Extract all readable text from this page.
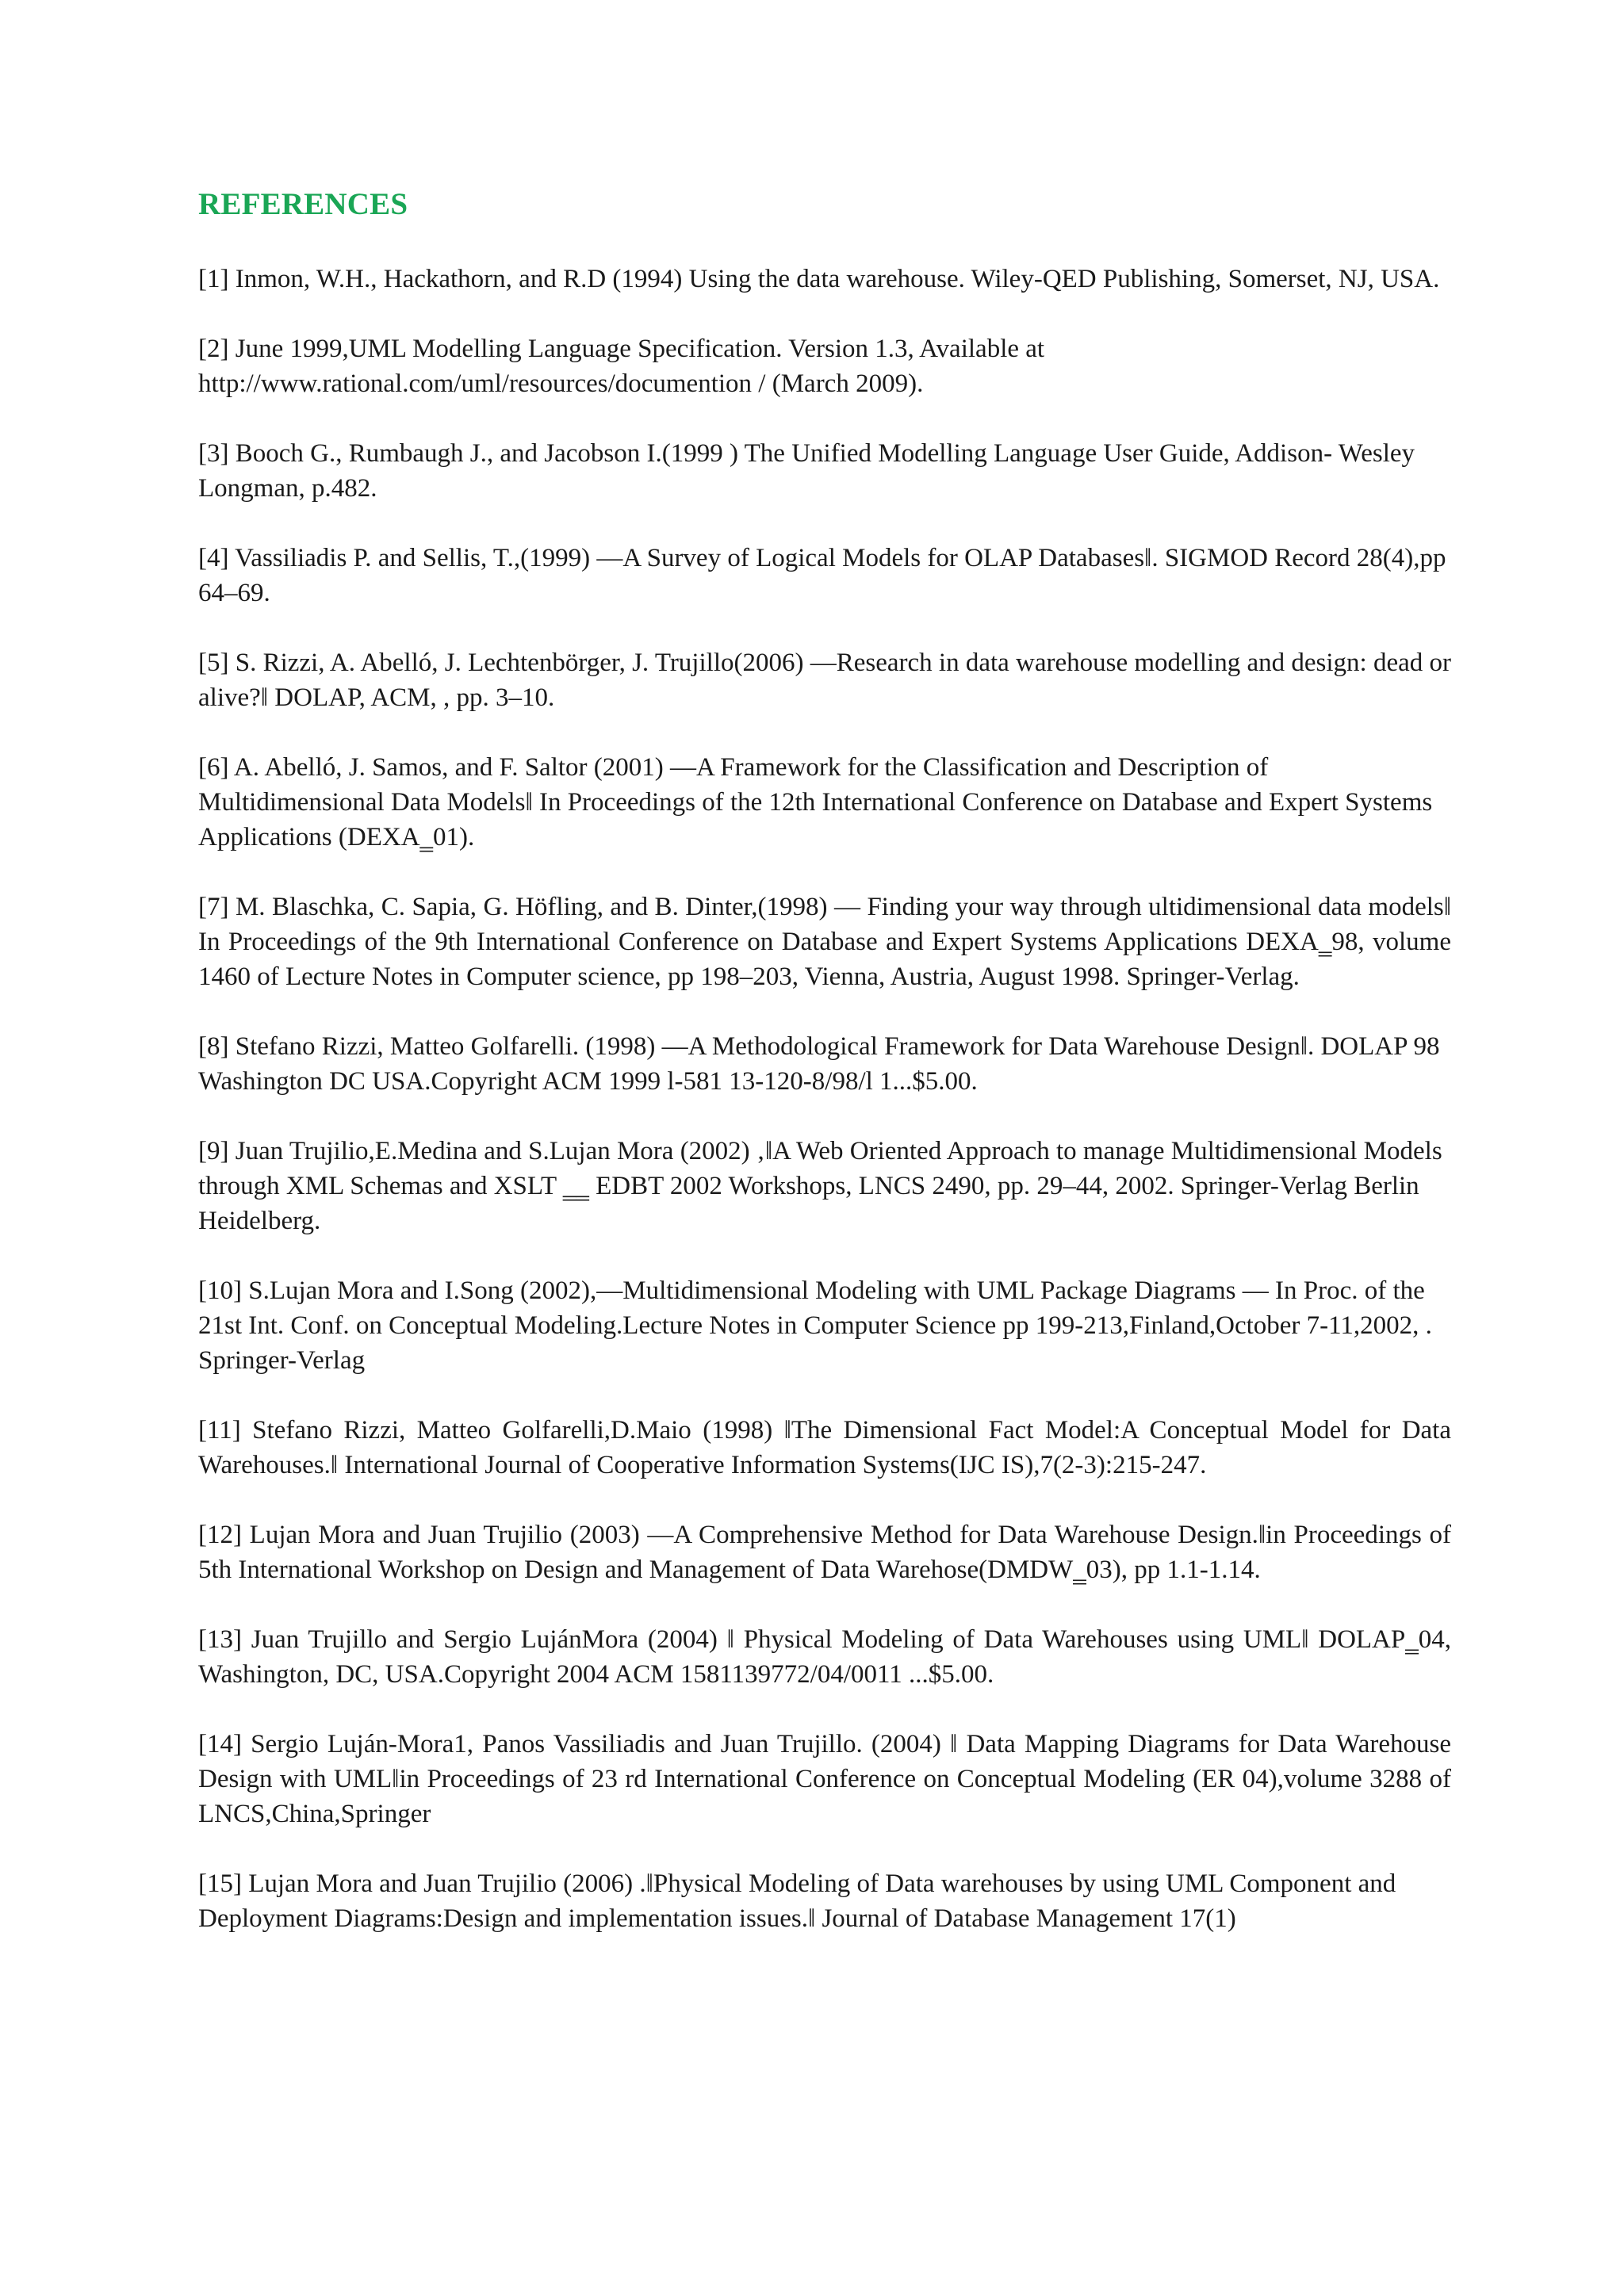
REFERENCES

[1] Inmon, W.H., Hackathorn, and R.D (1994) Using the data warehouse. Wiley-QED Publishing, Somerset, NJ, USA.

[2] June 1999,UML Modelling Language Specification. Version 1.3, Available at http://www.rational.com/uml/resources/documention / (March 2009).

[3] Booch G., Rumbaugh J., and Jacobson I.(1999 ) The Unified Modelling Language User Guide, Addison- Wesley Longman, p.482.

[4] Vassiliadis P. and Sellis, T.,(1999) ―A Survey of Logical Models for OLAP Databases‖. SIGMOD Record 28(4),pp 64–69.

[5] S. Rizzi, A. Abelló, J. Lechtenbörger, J. Trujillo(2006) ―Research in data warehouse modelling and design: dead or alive?‖ DOLAP, ACM, , pp. 3–10.

[6] A. Abelló, J. Samos, and F. Saltor (2001) ―A Framework for the Classification and Description of Multidimensional Data Models‖ In Proceedings of the 12th International Conference on Database and Expert Systems Applications (DEXA‗01).

[7] M. Blaschka, C. Sapia, G. Höfling, and B. Dinter,(1998) ― Finding your way through ultidimensional data models‖ In Proceedings of the 9th International Conference on Database and Expert Systems Applications DEXA‗98, volume 1460 of Lecture Notes in Computer science, pp 198–203, Vienna, Austria, August 1998. Springer-Verlag.

[8] Stefano Rizzi, Matteo Golfarelli. (1998) ―A Methodological Framework for Data Warehouse Design‖. DOLAP 98 Washington DC USA.Copyright ACM 1999 l-581 13-120-8/98/l 1...$5.00.

[9] Juan Trujilio,E.Medina and S.Lujan Mora (2002) ‚‖A Web Oriented Approach to manage Multidimensional Models through XML Schemas and XSLT ‗‗ EDBT 2002 Workshops, LNCS 2490, pp. 29–44, 2002. Springer-Verlag Berlin Heidelberg.

[10] S.Lujan Mora and I.Song (2002),―Multidimensional Modeling with UML Package Diagrams ― In Proc. of the 21st Int. Conf. on Conceptual Modeling.Lecture Notes in Computer Science pp 199-213,Finland,October 7-11,2002, . Springer-Verlag

[11] Stefano Rizzi, Matteo Golfarelli,D.Maio (1998) ‖The Dimensional Fact Model:A Conceptual Model for Data Warehouses.‖ International Journal of Cooperative Information Systems(IJC IS),7(2-3):215-247.

[12] Lujan Mora and Juan Trujilio (2003) ―A Comprehensive Method for Data Warehouse Design.‖in Proceedings of 5th International Workshop on Design and Management of Data Warehose(DMDW‗03), pp 1.1-1.14.

[13] Juan Trujillo and Sergio LujánMora (2004) ‖ Physical Modeling of Data Warehouses using UML‖ DOLAP‗04, Washington, DC, USA.Copyright 2004 ACM 1581139772/04/0011 ...$5.00.

[14] Sergio Luján-Mora1, Panos Vassiliadis and Juan Trujillo. (2004) ‖ Data Mapping Diagrams for Data Warehouse Design with UML‖in Proceedings of 23 rd International Conference on Conceptual Modeling (ER 04),volume 3288 of LNCS,China,Springer

[15] Lujan Mora and Juan Trujilio (2006) .‖Physical Modeling of Data warehouses by using UML Component and Deployment Diagrams:Design and implementation issues.‖ Journal of Database Management 17(1)
